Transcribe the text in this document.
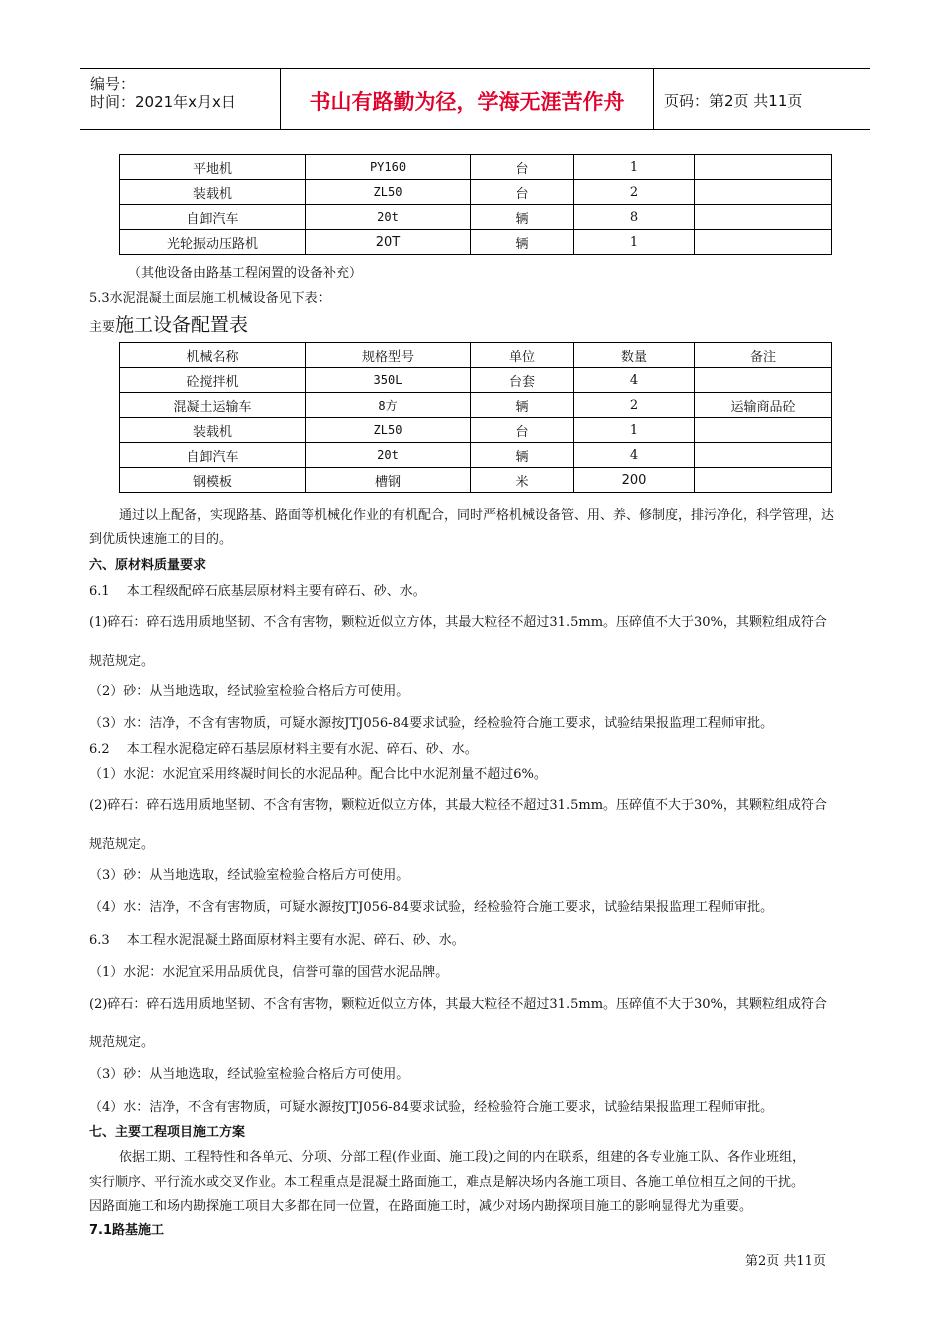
编号：
时间：2021年x月x日	书山有路勤为径，学海无涯苦作舟	页码：第2页 共11页
平地机	PY160	台	1	
装载机	ZL50	台	2	
自卸汽车	20t	辆	8	
光轮振动压路机	20T	辆	1	
（其他设备由路基工程闲置的设备补充）
5.3水泥混凝土面层施工机械设备见下表：
主要施工设备配置表
机械名称	规格型号	单位	数量	备注
砼搅拌机	350L	台套	4	
混凝土运输车	8方	辆	2	运输商品砼
装载机	ZL50	台	1	
自卸汽车	20t	辆	4	
钢模板	槽钢	米	200	
通过以上配备，实现路基、路面等机械化作业的有机配合，同时严格机械设备管、用、养、修制度，排污净化，科学管理，达
到优质快速施工的目的。
六、原材料质量要求
6.1　 本工程级配碎石底基层原材料主要有碎石、砂、水。
(1)碎石：碎石选用质地坚韧、不含有害物，颗粒近似立方体，其最大粒径不超过31.5mm。压碎值不大于30%，其颗粒组成符合
规范规定。
（2）砂：从当地选取，经试验室检验合格后方可使用。
（3）水：洁净，不含有害物质，可疑水源按JTJ056-84要求试验，经检验符合施工要求，试验结果报监理工程师审批。
6.2　 本工程水泥稳定碎石基层原材料主要有水泥、碎石、砂、水。
（1）水泥：水泥宜采用终凝时间长的水泥品种。配合比中水泥剂量不超过6%。
(2)碎石：碎石选用质地坚韧、不含有害物，颗粒近似立方体，其最大粒径不超过31.5mm。压碎值不大于30%，其颗粒组成符合
规范规定。
（3）砂：从当地选取，经试验室检验合格后方可使用。
（4）水：洁净，不含有害物质，可疑水源按JTJ056-84要求试验，经检验符合施工要求，试验结果报监理工程师审批。
6.3　 本工程水泥混凝土路面原材料主要有水泥、碎石、砂、水。
（1）水泥：水泥宜采用品质优良，信誉可靠的国营水泥品牌。
(2)碎石：碎石选用质地坚韧、不含有害物，颗粒近似立方体，其最大粒径不超过31.5mm。压碎值不大于30%，其颗粒组成符合
规范规定。
（3）砂：从当地选取，经试验室检验合格后方可使用。
（4）水：洁净，不含有害物质，可疑水源按JTJ056-84要求试验，经检验符合施工要求，试验结果报监理工程师审批。
七、主要工程项目施工方案
依据工期、工程特性和各单元、分项、分部工程(作业面、施工段)之间的内在联系，组建的各专业施工队、各作业班组，
实行顺序、平行流水或交叉作业。本工程重点是混凝土路面施工，难点是解决场内各施工项目、各施工单位相互之间的干扰。
因路面施工和场内勘探施工项目大多都在同一位置，在路面施工时，减少对场内勘探项目施工的影响显得尤为重要。
7.1路基施工
第2页 共11页
